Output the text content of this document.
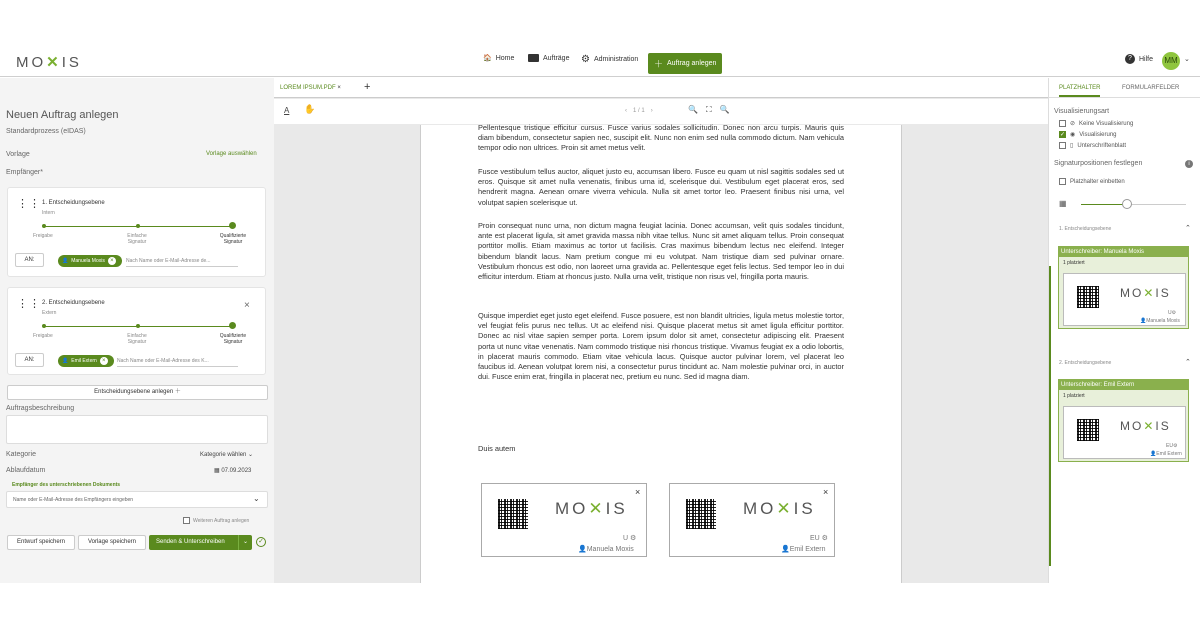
MO✕IS	🏠 Home	Aufträge ⚙ Administration ＋ Auftrag anlegen
?	Hilfe MM ⌄
Neuen Auftrag anlegen
Standardprozess (eIDAS)
Vorlage	Vorlage auswählen
Empfänger*
⋮⋮ 1. Entscheidungsebene
Intern
Freigabe	Einfache Signatur
Qualifizierte Signatur
AN:	👤 Manuela Moxis ×	Nach Name oder E-Mail-Adresse de...
⋮⋮ 2. Entscheidungsebene
Extern
×
Freigabe	Einfache Signatur
Qualifizierte Signatur
AN:	👤 Emil Extern ×	Nach Name oder E-Mail-Adresse des K...
Entscheidungsebene anlegen ＋
Auftragsbeschreibung
Kategorie	Kategorie wählen ⌄
Ablaufdatum	▦ 07.09.2023
Empfänger des unterschriebenen Dokuments
Name oder E-Mail-Adresse des Empfängers eingeben	⌄
Weiteren Auftrag anlegen
Entwurf speichern	Vorlage speichern	Senden & Unterschreiben	⌄	✓
LOREM IPSUM.PDF × +
A ✋	‹ 1 / 1 ›	🔍 ⛶ 🔍
Pellentesque tristique efficitur cursus. Fusce varius sodales sollicitudin. Donec non arcu turpis. Mauris quis diam bibendum, consectetur sapien nec, suscipit elit. Nunc non enim sed nulla commodo dictum. Nam vehicula tempor odio non ultrices. Proin sit amet metus velit.
Fusce vestibulum tellus auctor, aliquet justo eu, accumsan libero. Fusce eu quam ut nisl sagittis sodales sed ut eros. Quisque sit amet nulla venenatis, finibus urna id, scelerisque dui. Vestibulum eget placerat eros, sed hendrerit magna. Aenean ornare viverra vehicula. Nulla sit amet tortor leo. Praesent finibus nisi urna, vel volutpat sapien scelerisque ut.
Proin consequat nunc urna, non dictum magna feugiat lacinia. Donec accumsan, velit quis sodales tincidunt, ante est placerat ligula, sit amet gravida massa nibh vitae tellus. Nunc sit amet aliquam tellus. Proin consequat porttitor mollis. Etiam maximus ac tortor ut facilisis. Cras maximus bibendum lectus nec eleifend. Integer bibendum blandit lacus. Nam pretium congue mi eu volutpat. Nam tristique diam sed pulvinar ornare. Vestibulum rhoncus est odio, non laoreet urna gravida ac. Pellentesque eget felis lectus. Sed tempor leo in dui efficitur interdum. Etiam at rhoncus justo. Nulla urna velit, tristique non risus vel, fringilla porta mauris.
Quisque imperdiet eget justo eget eleifend. Fusce posuere, est non blandit ultricies, ligula metus molestie tortor, vel feugiat felis purus nec tellus. Ut ac eleifend nisi. Quisque placerat metus sit amet ligula efficitur porttitor. Donec ac nisl vitae sapien semper porta. Lorem ipsum dolor sit amet, consectetur adipiscing elit. Praesent porta ut nunc vitae venenatis. Nam commodo tristique nisi rhoncus tristique. Vivamus feugiat ex a odio lobortis, in placerat mauris commodo. Etiam vitae vehicula lacus. Quisque auctor pulvinar lorem, vel placerat leo faucibus id. Aenean volutpat lorem nisi, a consectetur purus tincidunt ac. Nam molestie pulvinar orci, in auctor dui. Fusce enim erat, fringilla in placerat nec, pretium eu nunc. Sed id magna diam.
Duis autem
MO✕IS
×
U ⚙
👤Manuela Moxis
MO✕IS
×
EU ⚙
👤Emil Extern
PLATZHALTER	FORMULARFELDER
Visualisierungsart
⊘ Keine Visualisierung
✓ ◉ Visualisierung
▯ Unterschriftenblatt
Signaturpositionen festlegen	i
Platzhalter einbetten
▦
1. Entscheidungsebene	⌃
Unterschreiber: Manuela Moxis
1 platziert
MO✕IS
U⚙
👤Manuela Moxis
2. Entscheidungsebene	⌃
Unterschreiber: Emil Extern
1 platziert
MO✕IS
EU⚙
👤Emil Extern
